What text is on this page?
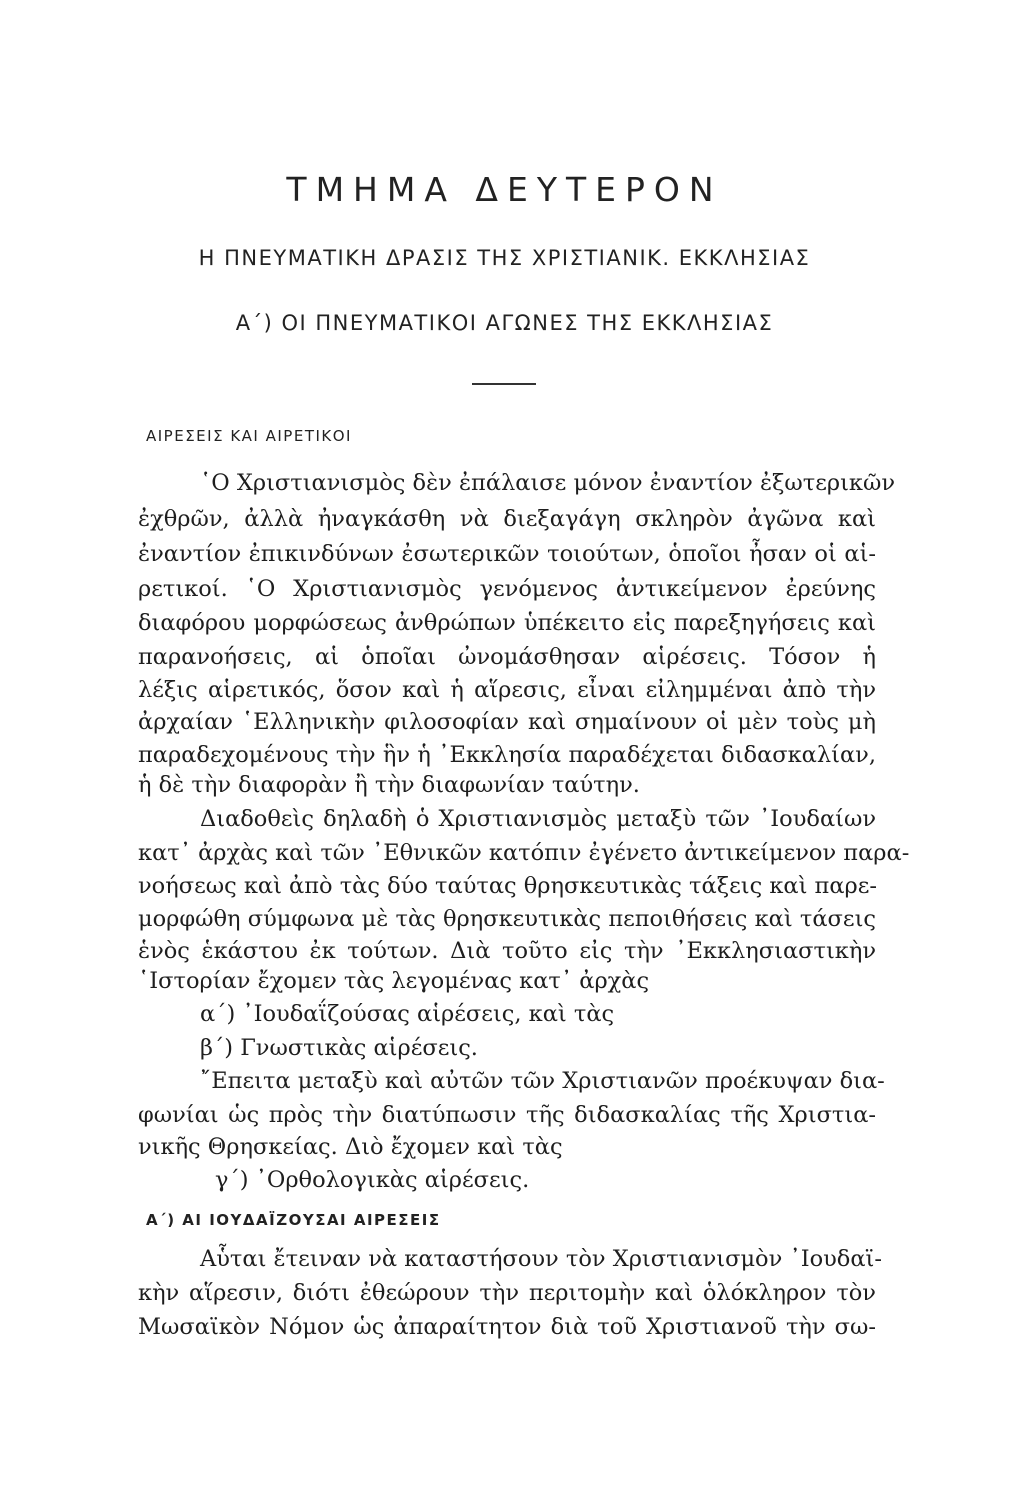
ΤΜΗΜΑ ΔΕΥΤΕΡΟΝ
Η ΠΝΕΥΜΑΤΙΚΗ ΔΡΑΣΙΣ ΤΗΣ ΧΡΙΣΤΙΑΝΙΚ. ΕΚΚΛΗΣΙΑΣ
Α΄) ΟΙ ΠΝΕΥΜΑΤΙΚΟΙ ΑΓΩΝΕΣ ΤΗΣ ΕΚΚΛΗΣΙΑΣ
ΑΙΡΕΣΕΙΣ ΚΑΙ ΑΙΡΕΤΙΚΟΙ
῾Ο Χριστιανισμὸς δὲν ἐπάλαισε μόνον ἐναντίον ἐξωτερικῶν
ἐχθρῶν, ἀλλὰ ἠναγκάσθη νὰ διεξαγάγη σκληρὸν ἀγῶνα καὶ
ἐναντίον ἐπικινδύνων ἐσωτερικῶν τοιούτων, ὁποῖοι ἦσαν οἱ αἱ-
ρετικοί. ῾Ο Χριστιανισμὸς γενόμενος ἀντικείμενον ἐρεύνης
διαφόρου μορφώσεως ἀνθρώπων ὑπέκειτο εἰς παρεξηγήσεις καὶ
παρανοήσεις, αἱ ὁποῖαι ὠνομάσθησαν αἱρέσεις. Τόσον ἡ
λέξις αἱρετικός, ὅσον καὶ ἡ αἵρεσις, εἶναι εἰλημμέναι ἀπὸ τὴν
ἀρχαίαν ῾Ελληνικὴν φιλοσοφίαν καὶ σημαίνουν οἱ μὲν τοὺς μὴ
παραδεχομένους τὴν ἣν ἡ ᾿Εκκλησία παραδέχεται διδασκαλίαν,
ἡ δὲ τὴν διαφορὰν ἢ τὴν διαφωνίαν ταύτην.
Διαδοθεὶς δηλαδὴ ὁ Χριστιανισμὸς μεταξὺ τῶν ᾿Ιουδαίων
κατ᾿ ἀρχὰς καὶ τῶν ᾿Εθνικῶν κατόπιν ἐγένετο ἀντικείμενον παρα-
νοήσεως καὶ ἀπὸ τὰς δύο ταύτας θρησκευτικὰς τάξεις καὶ παρε-
μορφώθη σύμφωνα μὲ τὰς θρησκευτικὰς πεποιθήσεις καὶ τάσεις
ἑνὸς ἑκάστου ἐκ τούτων. Διὰ τοῦτο εἰς τὴν ᾿Εκκλησιαστικὴν
῾Ιστορίαν ἔχομεν τὰς λεγομένας κατ᾿ ἀρχὰς
α΄) ᾿Ιουδαΐζούσας αἱρέσεις, καὶ τὰς
β΄) Γνωστικὰς αἱρέσεις.
῎Επειτα μεταξὺ καὶ αὐτῶν τῶν Χριστιανῶν προέκυψαν δια-
φωνίαι ὡς πρὸς τὴν διατύπωσιν τῆς διδασκαλίας τῆς Χριστια-
νικῆς Θρησκείας. Διὸ ἔχομεν καὶ τὰς
γ΄) ᾿Ορθολογικὰς αἱρέσεις.
Α΄) ΑΙ ΙΟΥΔΑΪΖΟΥΣΑΙ ΑΙΡΕΣΕΙΣ
Αὗται ἔτειναν νὰ καταστήσουν τὸν Χριστιανισμὸν ᾿Ιουδαϊ-
κὴν αἵρεσιν, διότι ἐθεώρουν τὴν περιτομὴν καὶ ὁλόκληρον τὸν
Μωσαϊκὸν Νόμον ὡς ἀπαραίτητον διὰ τοῦ Χριστιανοῦ τὴν σω-
